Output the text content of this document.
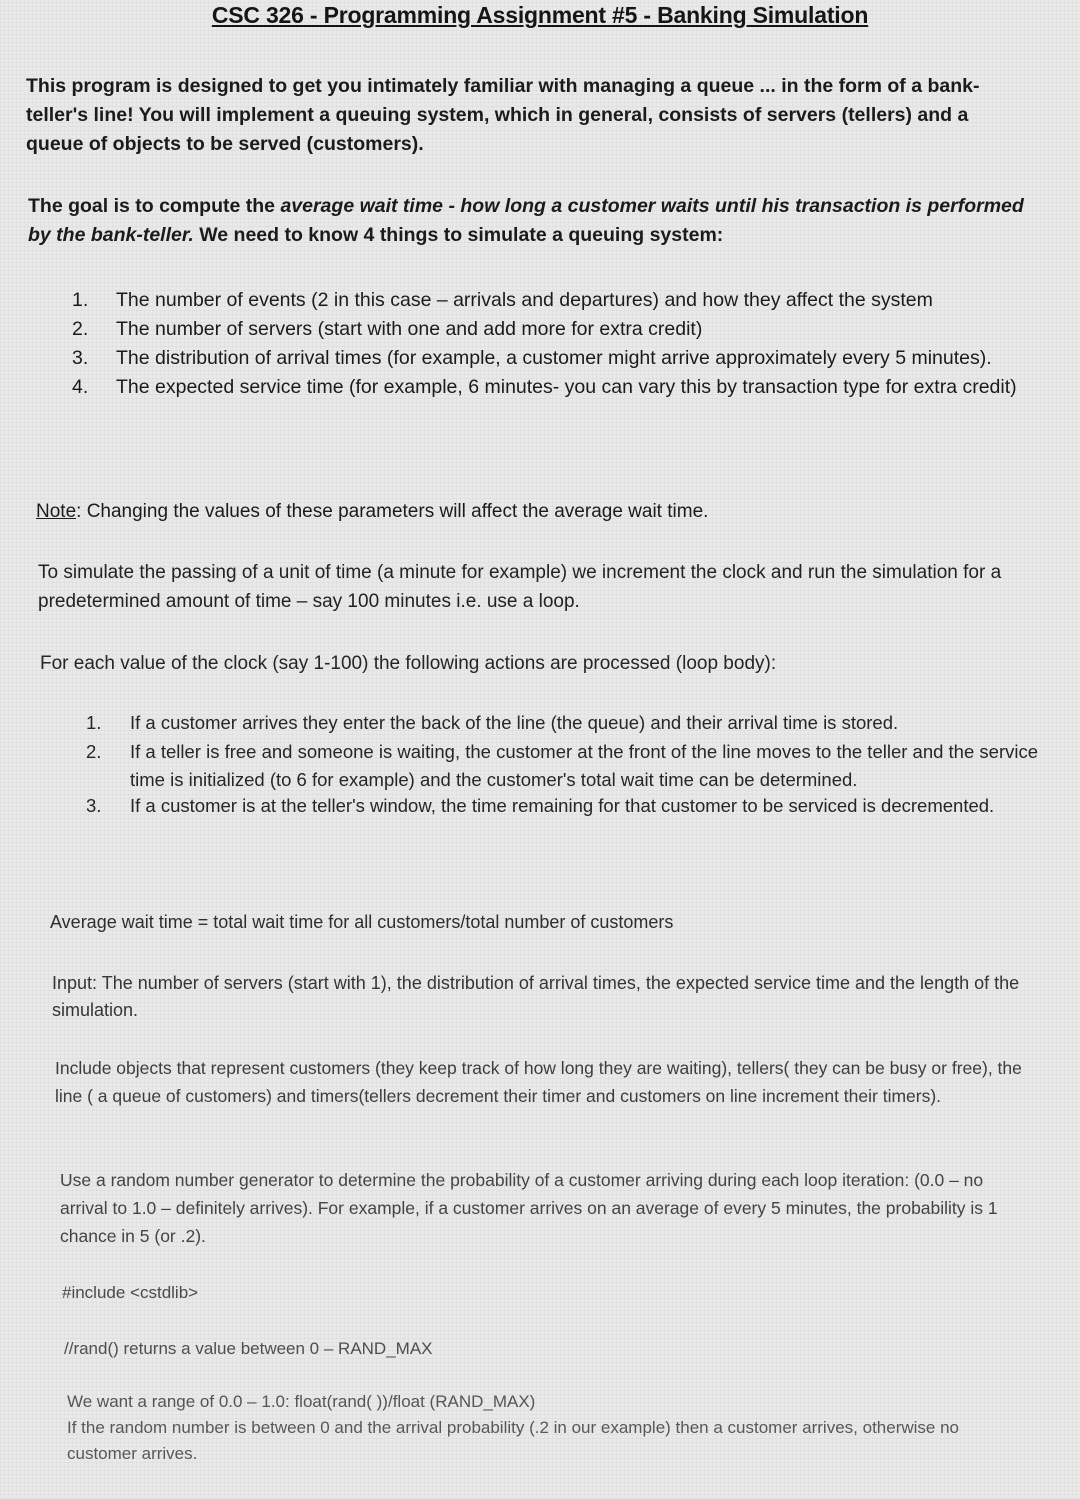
CSC 326 - Programming Assignment #5 - Banking Simulation
This program is designed to get you intimately familiar with managing a queue ... in the form of a bank-teller's line! You will implement a queuing system, which in general, consists of servers (tellers) and a queue of objects to be served (customers).
The goal is to compute the average wait time - how long a customer waits until his transaction is performed by the bank-teller. We need to know 4 things to simulate a queuing system:
1. The number of events (2 in this case – arrivals and departures) and how they affect the system
2. The number of servers (start with one and add more for extra credit)
3. The distribution of arrival times (for example, a customer might arrive approximately every 5 minutes).
4. The expected service time (for example, 6 minutes- you can vary this by transaction type for extra credit)
Note: Changing the values of these parameters will affect the average wait time.
To simulate the passing of a unit of time (a minute for example) we increment the clock and run the simulation for a predetermined amount of time – say 100 minutes i.e. use a loop.
For each value of the clock (say 1-100) the following actions are processed (loop body):
1. If a customer arrives they enter the back of the line (the queue) and their arrival time is stored.
2. If a teller is free and someone is waiting, the customer at the front of the line moves to the teller and the service time is initialized (to 6 for example) and the customer's total wait time can be determined.
3. If a customer is at the teller's window, the time remaining for that customer to be serviced is decremented.
Average wait time = total wait time for all customers/total number of customers
Input: The number of servers (start with 1), the distribution of arrival times, the expected service time and the length of the simulation.
Include objects that represent customers (they keep track of how long they are waiting), tellers( they can be busy or free), the line ( a queue of customers) and timers(tellers decrement their timer and customers on line increment their timers).
Use a random number generator to determine the probability of a customer arriving during each loop iteration: (0.0 – no arrival to 1.0 – definitely arrives). For example, if a customer arrives on an average of every 5 minutes, the probability is 1 chance in 5 (or .2).
#include <cstdlib>
//rand() returns a value between 0 – RAND_MAX
We want a range of 0.0 – 1.0: float(rand( ))/float (RAND_MAX)
If the random number is between 0 and the arrival probability (.2 in our example) then a customer arrives, otherwise no customer arrives.
